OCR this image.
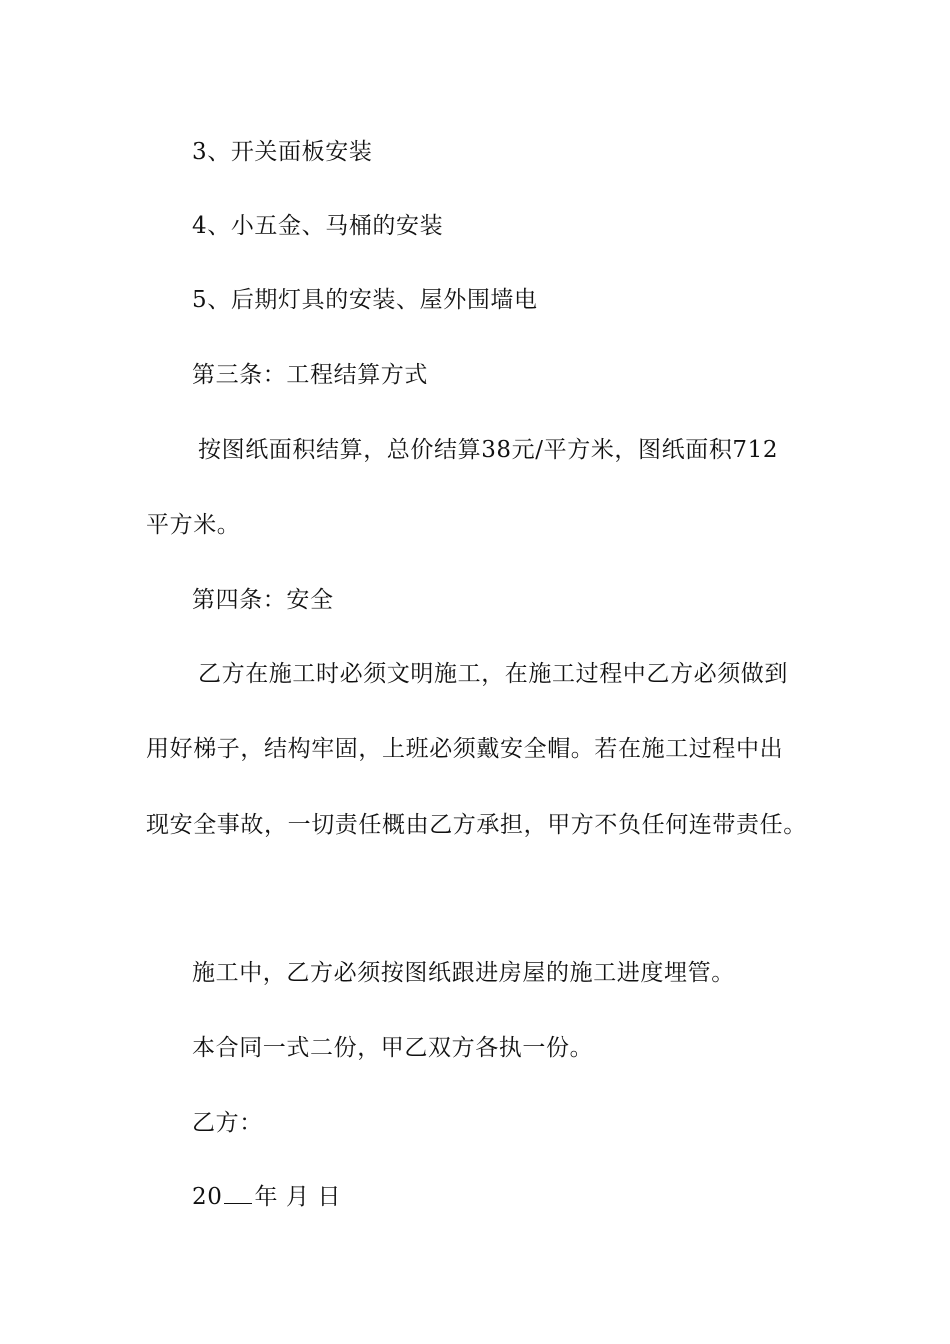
3、开关面板安装
4、小五金、马桶的安装
5、后期灯具的安装、屋外围墙电
第三条：工程结算方式
按图纸面积结算，总价结算38元/平方米，图纸面积712
平方米。
第四条：安全
乙方在施工时必须文明施工，在施工过程中乙方必须做到
用好梯子，结构牢固，上班必须戴安全帽。若在施工过程中出
现安全事故，一切责任概由乙方承担，甲方不负任何连带责任。
施工中，乙方必须按图纸跟进房屋的施工进度埋管。
本合同一式二份，甲乙双方各执一份。
乙方：
20 年 月 日
